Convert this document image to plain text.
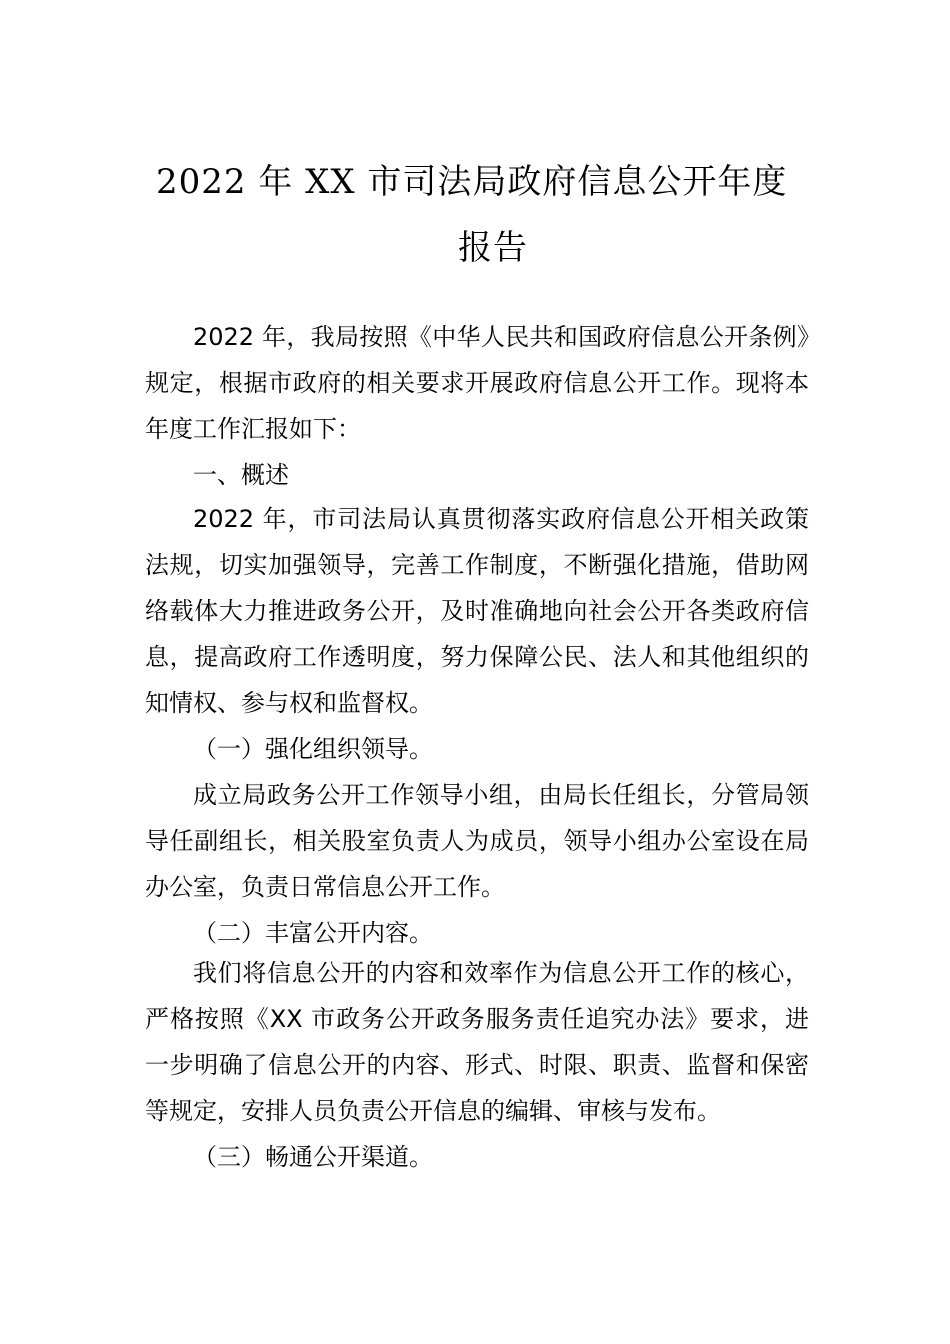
2022 年 XX 市司法局政府信息公开年度
报告

2022 年，我局按照《中华人民共和国政府信息公开条例》规定，根据市政府的相关要求开展政府信息公开工作。现将本年度工作汇报如下：

一、概述

2022 年，市司法局认真贯彻落实政府信息公开相关政策法规，切实加强领导，完善工作制度，不断强化措施，借助网络载体大力推进政务公开，及时准确地向社会公开各类政府信息，提高政府工作透明度，努力保障公民、法人和其他组织的知情权、参与权和监督权。

（一）强化组织领导。

成立局政务公开工作领导小组，由局长任组长，分管局领导任副组长，相关股室负责人为成员，领导小组办公室设在局办公室，负责日常信息公开工作。

（二）丰富公开内容。

我们将信息公开的内容和效率作为信息公开工作的核心，严格按照《XX 市政务公开政务服务责任追究办法》要求，进一步明确了信息公开的内容、形式、时限、职责、监督和保密等规定，安排人员负责公开信息的编辑、审核与发布。

（三）畅通公开渠道。
